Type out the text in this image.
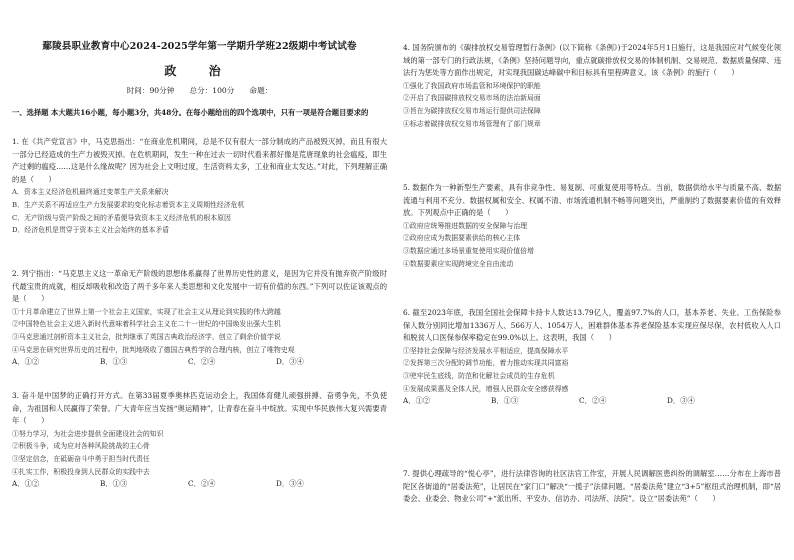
鄢陵县职业教育中心2024-2025学年第一学期升学班22级期中考试试卷
政 治
时间：90分钟　　总分：100分　　命题：
一、选择题 本大题共16小题，每小题3分，共48分。在每小题给出的四个选项中，只有一项是符合题目要求的
1. 在《共产党宣言》中，马克思指出：“在商业危机期间，总是不仅有很大一部分制成的产品被毁灭掉，而且有很大一部分已经造成的生产力被毁灭掉。在危机期间，发生一种在过去一切时代看来都好像是荒唐现象的社会瘟疫，即生产过剩的瘟疫……这是什么缘故呢？因为社会上文明过度，生活资料太多，工业和商业太发达。”对此，下列理解正确的是（　　）
A．资本主义经济危机最终通过变革生产关系来解决
B．生产关系不再适应生产力发展要求的变化标志着资本主义周期性经济危机
C．无产阶级与资产阶级之间的矛盾便导致资本主义经济危机的根本原因
D．经济危机是贯穿于资本主义社会始终的基本矛盾
2. 列宁指出：“马克思主义这一革命无产阶级的思想体系赢得了世界历史性的意义，是因为它并没有抛弃资产阶级时代最宝贵的成就，相反却吸收和改造了两千多年来人类思想和文化发展中一切有价值的东西。”下列可以佐证该观点的是（　　）
①十月革命建立了世界上第一个社会主义国家，实现了社会主义从理论到实践的伟大跨越
②中国特色社会主义进入新时代意味着科学社会主义在二十一世纪的中国焕发出强大生机
③马克思通过剖析资本主义社会，批判继承了英国古典政治经济学，创立了剩余价值学说
④马克思在研究世界历史的过程中，批判地吸收了德国古典哲学的合理内核，创立了唯物史观
A．①②	B．①③	C．②④	D．③④
3. 奋斗是中国梦的正确打开方式。在第33届夏季奥林匹克运动会上，我国体育健儿顽强拼搏、奋勇争先，不负使命，为祖国和人民赢得了荣誉。广大青年应当发扬“奥运精神”，让青春在奋斗中绽放。实现中华民族伟大复兴需要青年（　　）
①努力学习，为社会进步提供全面建设社会的知识
②积极斗争，成为应对各种风险挑战的主心骨
③坚定信念，在砥砺奋斗中勇于担当时代责任
④扎实工作，积极投身到人民群众的实践中去
A．①②	B．①③	C．②④	D．③④
4. 国务院颁布的《碳排放权交易管理暂行条例》(以下简称《条例》)于2024年5月1日施行，这是我国应对气候变化领域的第一部专门的行政法规，《条例》坚持问题导向，重点就碳排放权交易的体制机制、交易规范、数据质量保障、违法行为惩处等方面作出规定，对实现我国碳达峰碳中和目标具有里程碑意义。该《条例》的施行（　　）
①强化了我国政府市场监管和环境保护的职能
②开启了我国碳排放权交易市场的法治新局面
③旨在为碳排放权交易市场运行提供司法保障
④标志着碳排放权交易市场管理有了部门规章
5. 数据作为一种新型生产要素，具有非竞争性、易复制、可重复使用等特点。当前，数据供给水平与质量不高、数据流通与利用不充分、数据权属和安全、权属不清、市场流通机制不畅等问题突出，严重制约了数据要素价值的有效释放。下列观点中正确的是（　　）
①政府应统筹推进数据的安全保障与治理
②政府应成为数据要素供给的核心主体
③数据应通过多场景重复使用实现价值倍增
④数据要素应实现跨境完全自由流动
6. 截至2023年底，我国全国社会保障卡持卡人数达13.79亿人，覆盖97.7%的人口，基本养老、失业、工伤保险参保人数分别同比增加1336万人、566万人、1054万人，困难群体基本养老保险基本实现应保尽保，农村低收入人口和脱贫人口医保参保率稳定在99.0%以上。这表明，我国（　　）
①坚持社会保障与经济发展水平相适应，提高保障水平
②发挥第三次分配的调节功能，着力推动实现共同富裕
③兜牢民生底线，防范和化解社会成员的生存危机
④发展成果惠及全体人民，增强人民群众安全感获得感
A．①②	B．①③	C．②④	D．③④
7. 提供心理疏导的“悦心亭”，进行法律咨询的社区法官工作室，开展人民调解医患纠纷的调解室……分布在上海市普陀区各街道的“居委法苑”，让居民在“家门口”解决“一揽子”法律问题。“居委法苑”建立“3+5”枢纽式治理机制，即“居委会、业委会、物业公司”+“派出所、平安办、信访办、司法所、法院”。设立“居委法苑”（　　）
